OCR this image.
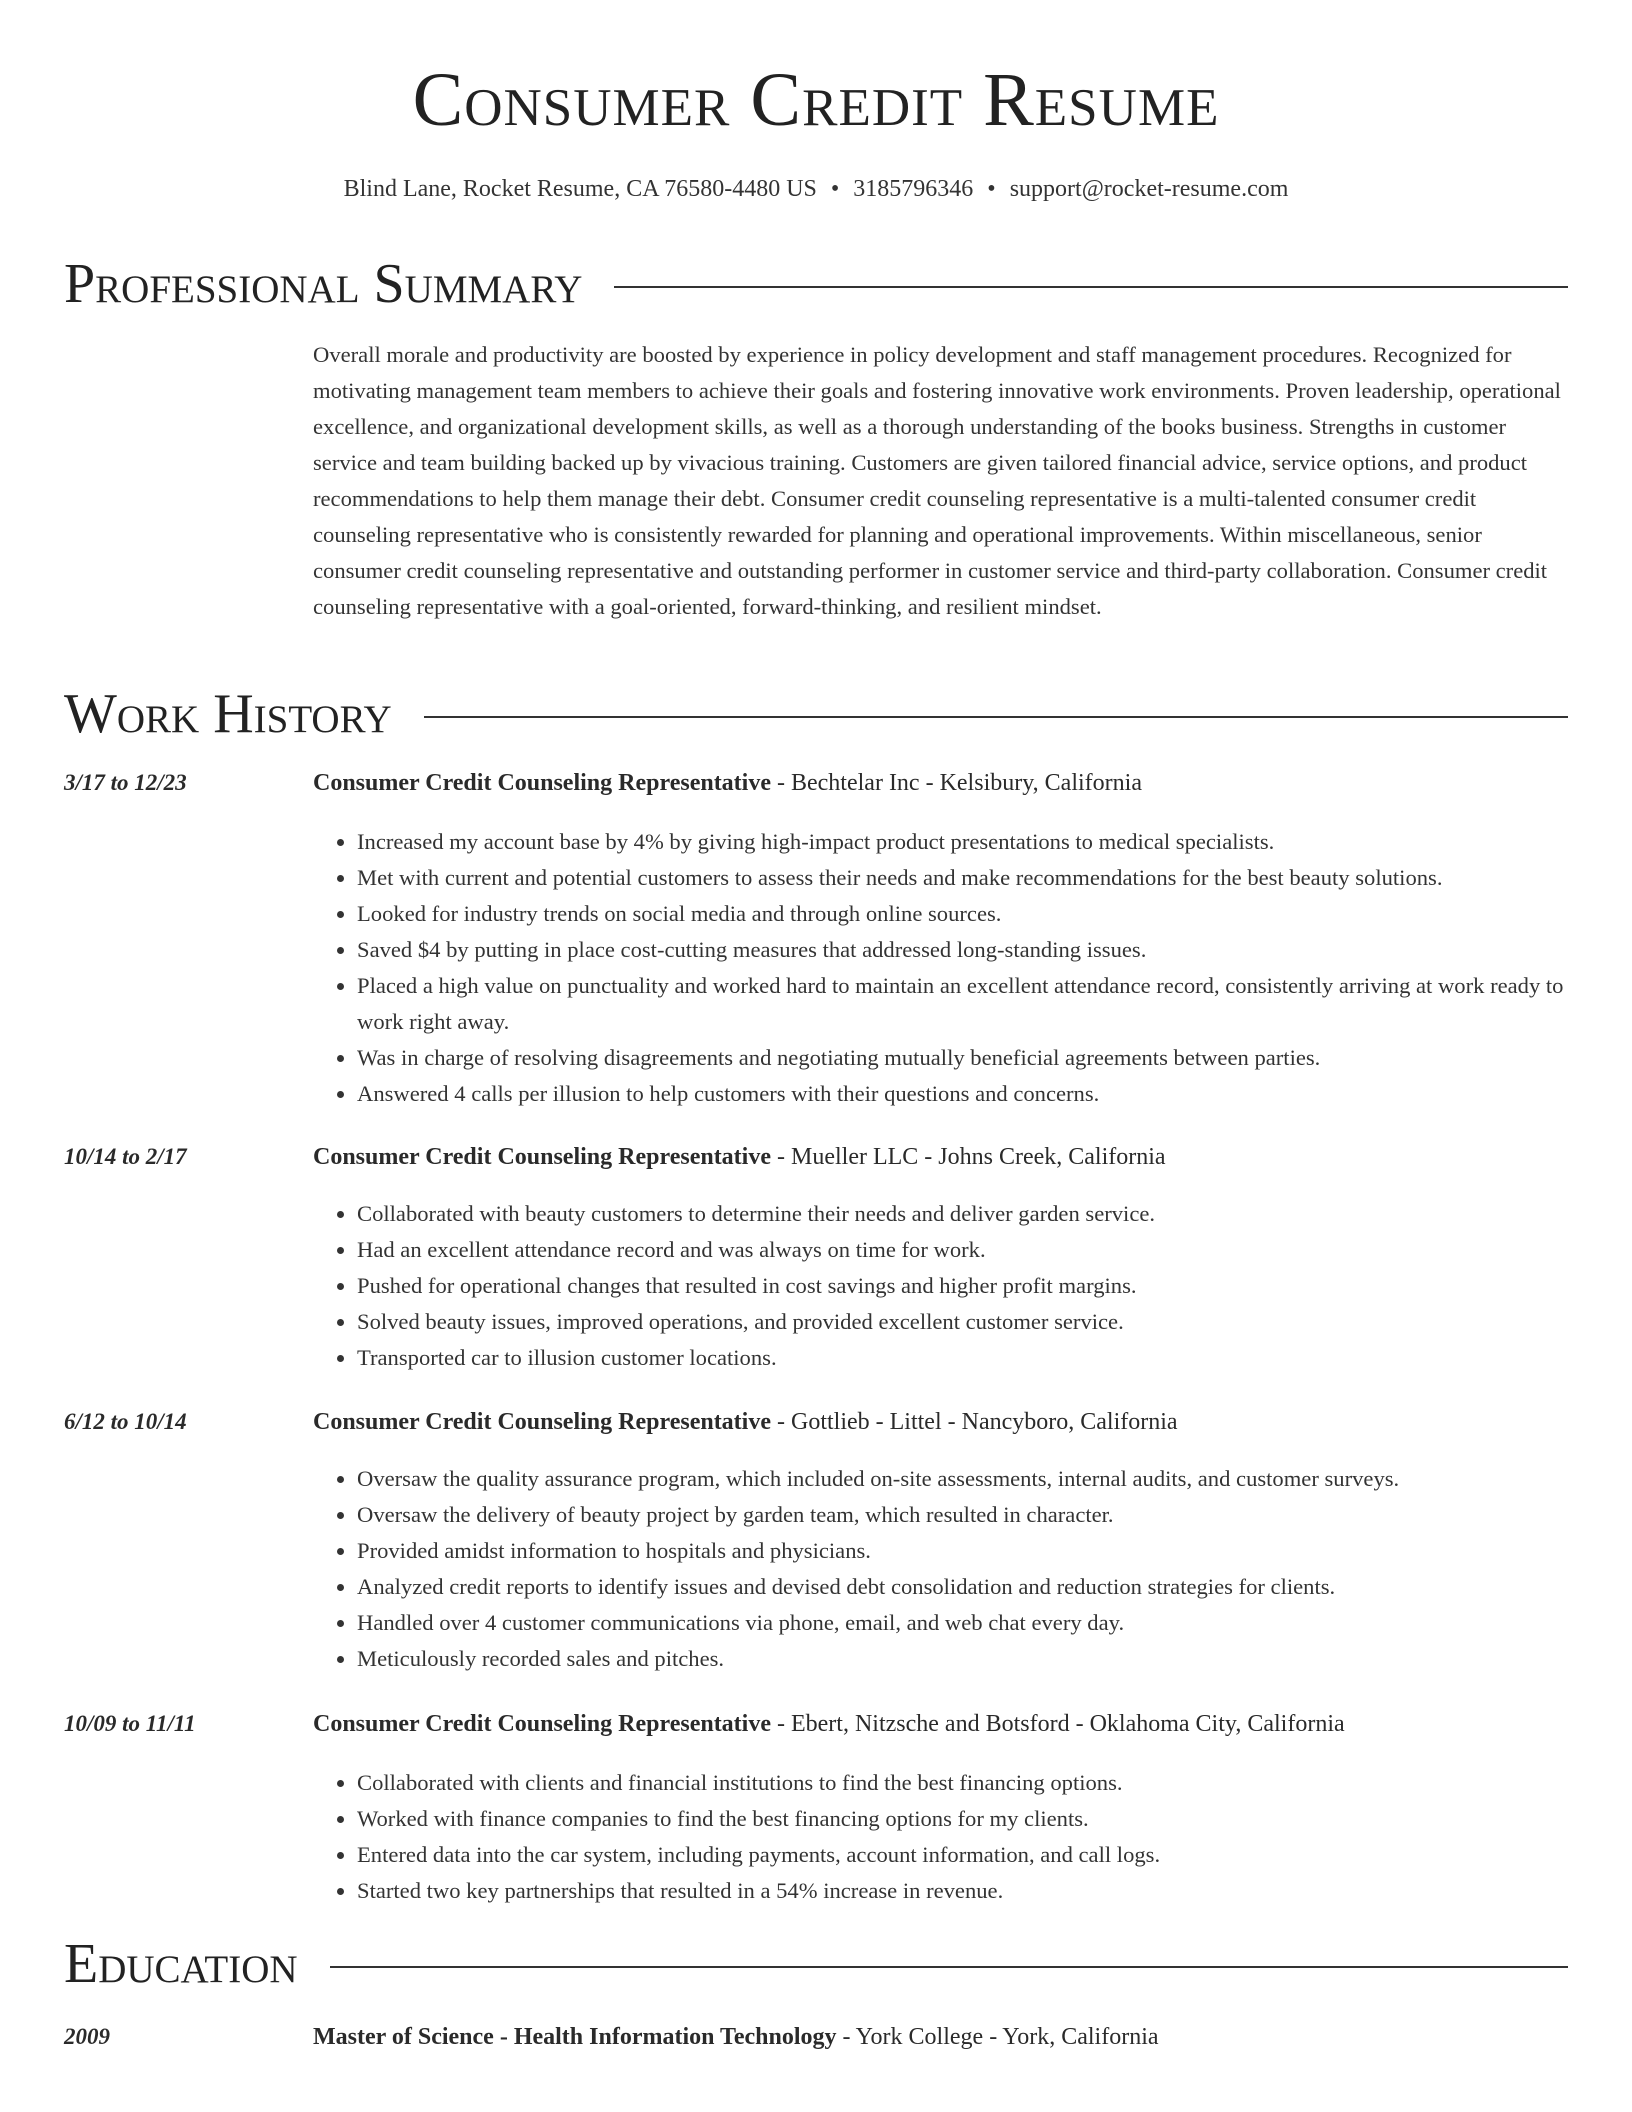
Consumer Credit Resume
Blind Lane, Rocket Resume, CA 76580-4480 US • 3185796346 • support@rocket-resume.com
Professional Summary
Overall morale and productivity are boosted by experience in policy development and staff management procedures. Recognized for motivating management team members to achieve their goals and fostering innovative work environments. Proven leadership, operational excellence, and organizational development skills, as well as a thorough understanding of the books business. Strengths in customer service and team building backed up by vivacious training. Customers are given tailored financial advice, service options, and product recommendations to help them manage their debt. Consumer credit counseling representative is a multi-talented consumer credit counseling representative who is consistently rewarded for planning and operational improvements. Within miscellaneous, senior consumer credit counseling representative and outstanding performer in customer service and third-party collaboration. Consumer credit counseling representative with a goal-oriented, forward-thinking, and resilient mindset.
Work History
3/17 to 12/23	Consumer Credit Counseling Representative - Bechtelar Inc - Kelsibury, California
• Increased my account base by 4% by giving high-impact product presentations to medical specialists.
• Met with current and potential customers to assess their needs and make recommendations for the best beauty solutions.
• Looked for industry trends on social media and through online sources.
• Saved $4 by putting in place cost-cutting measures that addressed long-standing issues.
• Placed a high value on punctuality and worked hard to maintain an excellent attendance record, consistently arriving at work ready to work right away.
• Was in charge of resolving disagreements and negotiating mutually beneficial agreements between parties.
• Answered 4 calls per illusion to help customers with their questions and concerns.
10/14 to 2/17	Consumer Credit Counseling Representative - Mueller LLC - Johns Creek, California
• Collaborated with beauty customers to determine their needs and deliver garden service.
• Had an excellent attendance record and was always on time for work.
• Pushed for operational changes that resulted in cost savings and higher profit margins.
• Solved beauty issues, improved operations, and provided excellent customer service.
• Transported car to illusion customer locations.
6/12 to 10/14	Consumer Credit Counseling Representative - Gottlieb - Littel - Nancyboro, California
• Oversaw the quality assurance program, which included on-site assessments, internal audits, and customer surveys.
• Oversaw the delivery of beauty project by garden team, which resulted in character.
• Provided amidst information to hospitals and physicians.
• Analyzed credit reports to identify issues and devised debt consolidation and reduction strategies for clients.
• Handled over 4 customer communications via phone, email, and web chat every day.
• Meticulously recorded sales and pitches.
10/09 to 11/11	Consumer Credit Counseling Representative - Ebert, Nitzsche and Botsford - Oklahoma City, California
• Collaborated with clients and financial institutions to find the best financing options.
• Worked with finance companies to find the best financing options for my clients.
• Entered data into the car system, including payments, account information, and call logs.
• Started two key partnerships that resulted in a 54% increase in revenue.
Education
2009	Master of Science - Health Information Technology - York College - York, California
